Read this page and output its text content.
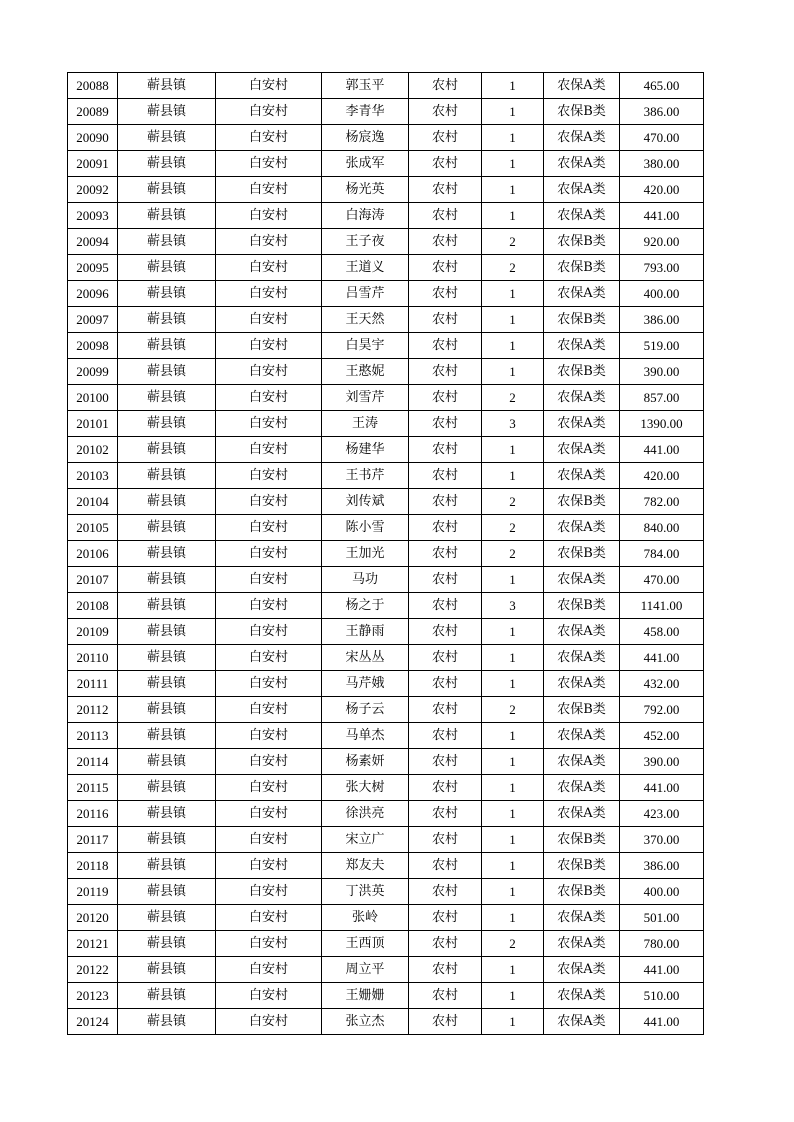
20088	蕲县镇	白安村	郭玉平	农村	1	农保A类	465.00
20089	蕲县镇	白安村	李青华	农村	1	农保B类	386.00
20090	蕲县镇	白安村	杨宸逸	农村	1	农保A类	470.00
20091	蕲县镇	白安村	张成军	农村	1	农保A类	380.00
20092	蕲县镇	白安村	杨光英	农村	1	农保A类	420.00
20093	蕲县镇	白安村	白海涛	农村	1	农保A类	441.00
20094	蕲县镇	白安村	王子夜	农村	2	农保B类	920.00
20095	蕲县镇	白安村	王道义	农村	2	农保B类	793.00
20096	蕲县镇	白安村	吕雪芹	农村	1	农保A类	400.00
20097	蕲县镇	白安村	王天然	农村	1	农保B类	386.00
20098	蕲县镇	白安村	白昊宇	农村	1	农保A类	519.00
20099	蕲县镇	白安村	王憨妮	农村	1	农保B类	390.00
20100	蕲县镇	白安村	刘雪芹	农村	2	农保A类	857.00
20101	蕲县镇	白安村	王涛	农村	3	农保A类	1390.00
20102	蕲县镇	白安村	杨建华	农村	1	农保A类	441.00
20103	蕲县镇	白安村	王书芹	农村	1	农保A类	420.00
20104	蕲县镇	白安村	刘传斌	农村	2	农保B类	782.00
20105	蕲县镇	白安村	陈小雪	农村	2	农保A类	840.00
20106	蕲县镇	白安村	王加光	农村	2	农保B类	784.00
20107	蕲县镇	白安村	马功	农村	1	农保A类	470.00
20108	蕲县镇	白安村	杨之于	农村	3	农保B类	1141.00
20109	蕲县镇	白安村	王静雨	农村	1	农保A类	458.00
20110	蕲县镇	白安村	宋丛丛	农村	1	农保A类	441.00
20111	蕲县镇	白安村	马芹娥	农村	1	农保A类	432.00
20112	蕲县镇	白安村	杨子云	农村	2	农保B类	792.00
20113	蕲县镇	白安村	马单杰	农村	1	农保A类	452.00
20114	蕲县镇	白安村	杨素妍	农村	1	农保A类	390.00
20115	蕲县镇	白安村	张大树	农村	1	农保A类	441.00
20116	蕲县镇	白安村	徐洪亮	农村	1	农保A类	423.00
20117	蕲县镇	白安村	宋立广	农村	1	农保B类	370.00
20118	蕲县镇	白安村	郑友夫	农村	1	农保B类	386.00
20119	蕲县镇	白安村	丁洪英	农村	1	农保B类	400.00
20120	蕲县镇	白安村	张岭	农村	1	农保A类	501.00
20121	蕲县镇	白安村	王西顶	农村	2	农保A类	780.00
20122	蕲县镇	白安村	周立平	农村	1	农保A类	441.00
20123	蕲县镇	白安村	王姗姗	农村	1	农保A类	510.00
20124	蕲县镇	白安村	张立杰	农村	1	农保A类	441.00
